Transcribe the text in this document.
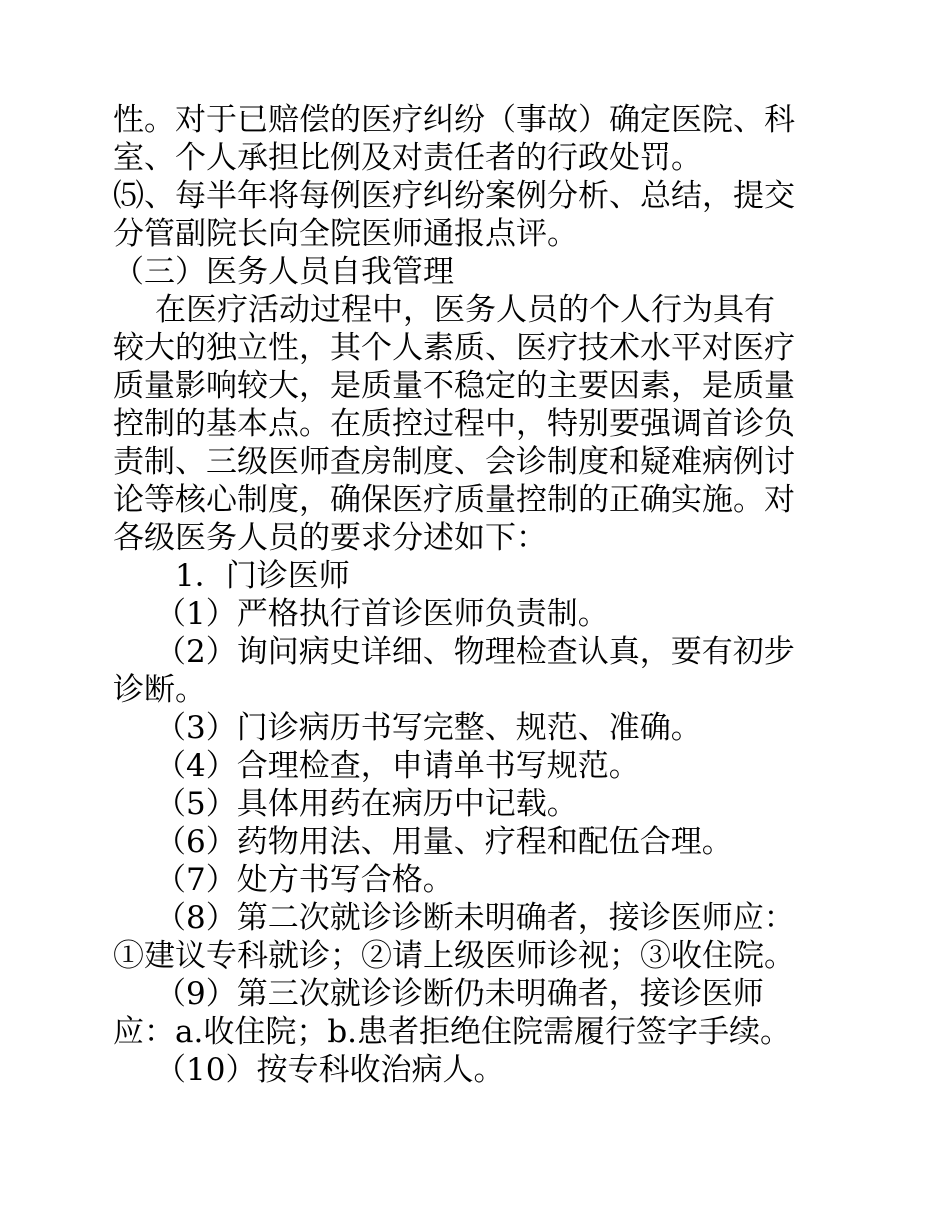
性。对于已赔偿的医疗纠纷（事故）确定医院、科

室、个人承担比例及对责任者的行政处罚。

⑸、每半年将每例医疗纠纷案例分析、总结，提交

分管副院长向全院医师通报点评。

（三）医务人员自我管理

在医疗活动过程中，医务人员的个人行为具有

较大的独立性，其个人素质、医疗技术水平对医疗

质量影响较大，是质量不稳定的主要因素，是质量

控制的基本点。在质控过程中，特别要强调首诊负

责制、三级医师查房制度、会诊制度和疑难病例讨

论等核心制度，确保医疗质量控制的正确实施。对

各级医务人员的要求分述如下：

1．门诊医师

（1）严格执行首诊医师负责制。

（2）询问病史详细、物理检查认真，要有初步

诊断。

（3）门诊病历书写完整、规范、准确。

（4）合理检查，申请单书写规范。

（5）具体用药在病历中记载。

（6）药物用法、用量、疗程和配伍合理。

（7）处方书写合格。

（8）第二次就诊诊断未明确者，接诊医师应：

①建议专科就诊；②请上级医师诊视；③收住院。

（9）第三次就诊诊断仍未明确者，接诊医师

应：a.收住院；b.患者拒绝住院需履行签字手续。

（10）按专科收治病人。
